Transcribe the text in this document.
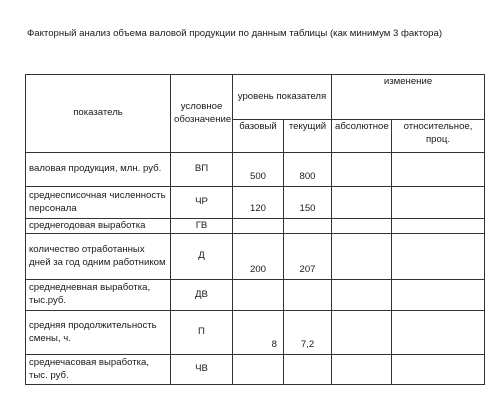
Факторный анализ объема валовой продукции по данным таблицы (как минимум 3 фактора)
показатель	условное обозначение	уровень показателя		изменение	
		базовый	текущий	абсолютное	относительное, проц.
валовая продукция, млн. руб.	ВП	500	800		
среднесписочная численность персонала	ЧР	120	150		
среднегодовая выработка	ГВ				
количество отработанных дней за год одним работником	Д	200	207		
среднедневная выработка, тыс.руб.	ДВ				
средняя продолжительность смены, ч.	П	8	7,2		
среднечасовая выработка, тыс. руб.	ЧВ				
